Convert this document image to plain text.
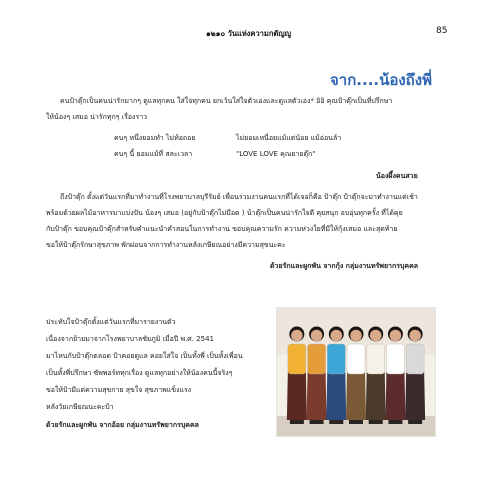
๑๒๑๐ วันแห่งความกตัญญู	85
จาก....น้องถึงพี่
คนป้าตุ๊กเป็นคนน่ารักมากๆ ดูแลทุกคน ใส่ใจทุกคน ยกเว้นใส่ใจตัวเองและดูแลตัวเอง* อิอิ คุณป้าตุ๊กเป็นที่ปรึกษา
ให้น้องๆ เสมอ น่ารักทุกๆ เรื่องราว
คนๆ หนึ่งยอมทำ ไม่ท้อถอย	ไม่ยอมเหนื่อยแม้แต่น้อย แม้อ่อนล้า
คนๆ นี้ ยอมแม้ที่ สละเวลา	"LOVE LOVE คุณยายตุ๊ก"
น้องผึ้งคนสวย
ถึงป้าตุ๊ก ตั้งแต่วันแรกที่มาทำงานที่โรงพยาบาลบุรีรัมย์ เพื่อนร่วมงานคนแรกที่ได้เจอก็คือ ป้าตุ๊ก ป้าตุ๊กจะมาทำงานแต่เช้า
พร้อมด้วยผลไม้อาหารมาแบ่งปัน น้องๆ เสมอ (อยู่กับป้าตุ๊กไม่มีอด ) น้าตุ๊กเป็นคนน่ารักใจดี คุยสนุก อบอุ่นทุกครั้ง ที่ได้คุย
กับป้าตุ๊ก ขอบคุณป้าตุ๊กสำหรับคำแนะนำคำสอนในการทำงาน ขอบคุณความรัก ความห่วงใยที่มีให้กุ้งเสมอ และสุดท้าย
ขอให้ป้าตุ๊กรักษาสุขภาพ พักผ่อนจากการทำงานหลังเกษียณอย่างมีความสุขนะคะ
ด้วยรักและผูกพัน จากกุ้ง กลุ่มงานทรัพยากรบุคคล
ประทับใจป้าตุ๊กตั้งแต่วันแรกที่มารายงานตัว
เนื่องจากย้ายมาจากโรงพยาบาลชัยภูมิ เมื่อปี พ.ศ. 2541
มาไหนกับป้าตุ๊กตลอด ป้าคอยดูแล คอยใส่ใจ เป็นทั้งพี่ เป็นทั้งเพื่อน
เป็นทั้งพี่ปรึกษา ซัพพอร์ททุกเรื่อง ดูแลทุกอย่างให้น้องคนนี้จริงๆ
ขอให้ป้ามีแต่ความสุขกาย สุขใจ สุขภาพแข็งแรง
หลังวัยเกษียณนะคะป้า
ด้วยรักและผูกพัน จากอ้อย กลุ่มงานทรัพยากรบุคคล
